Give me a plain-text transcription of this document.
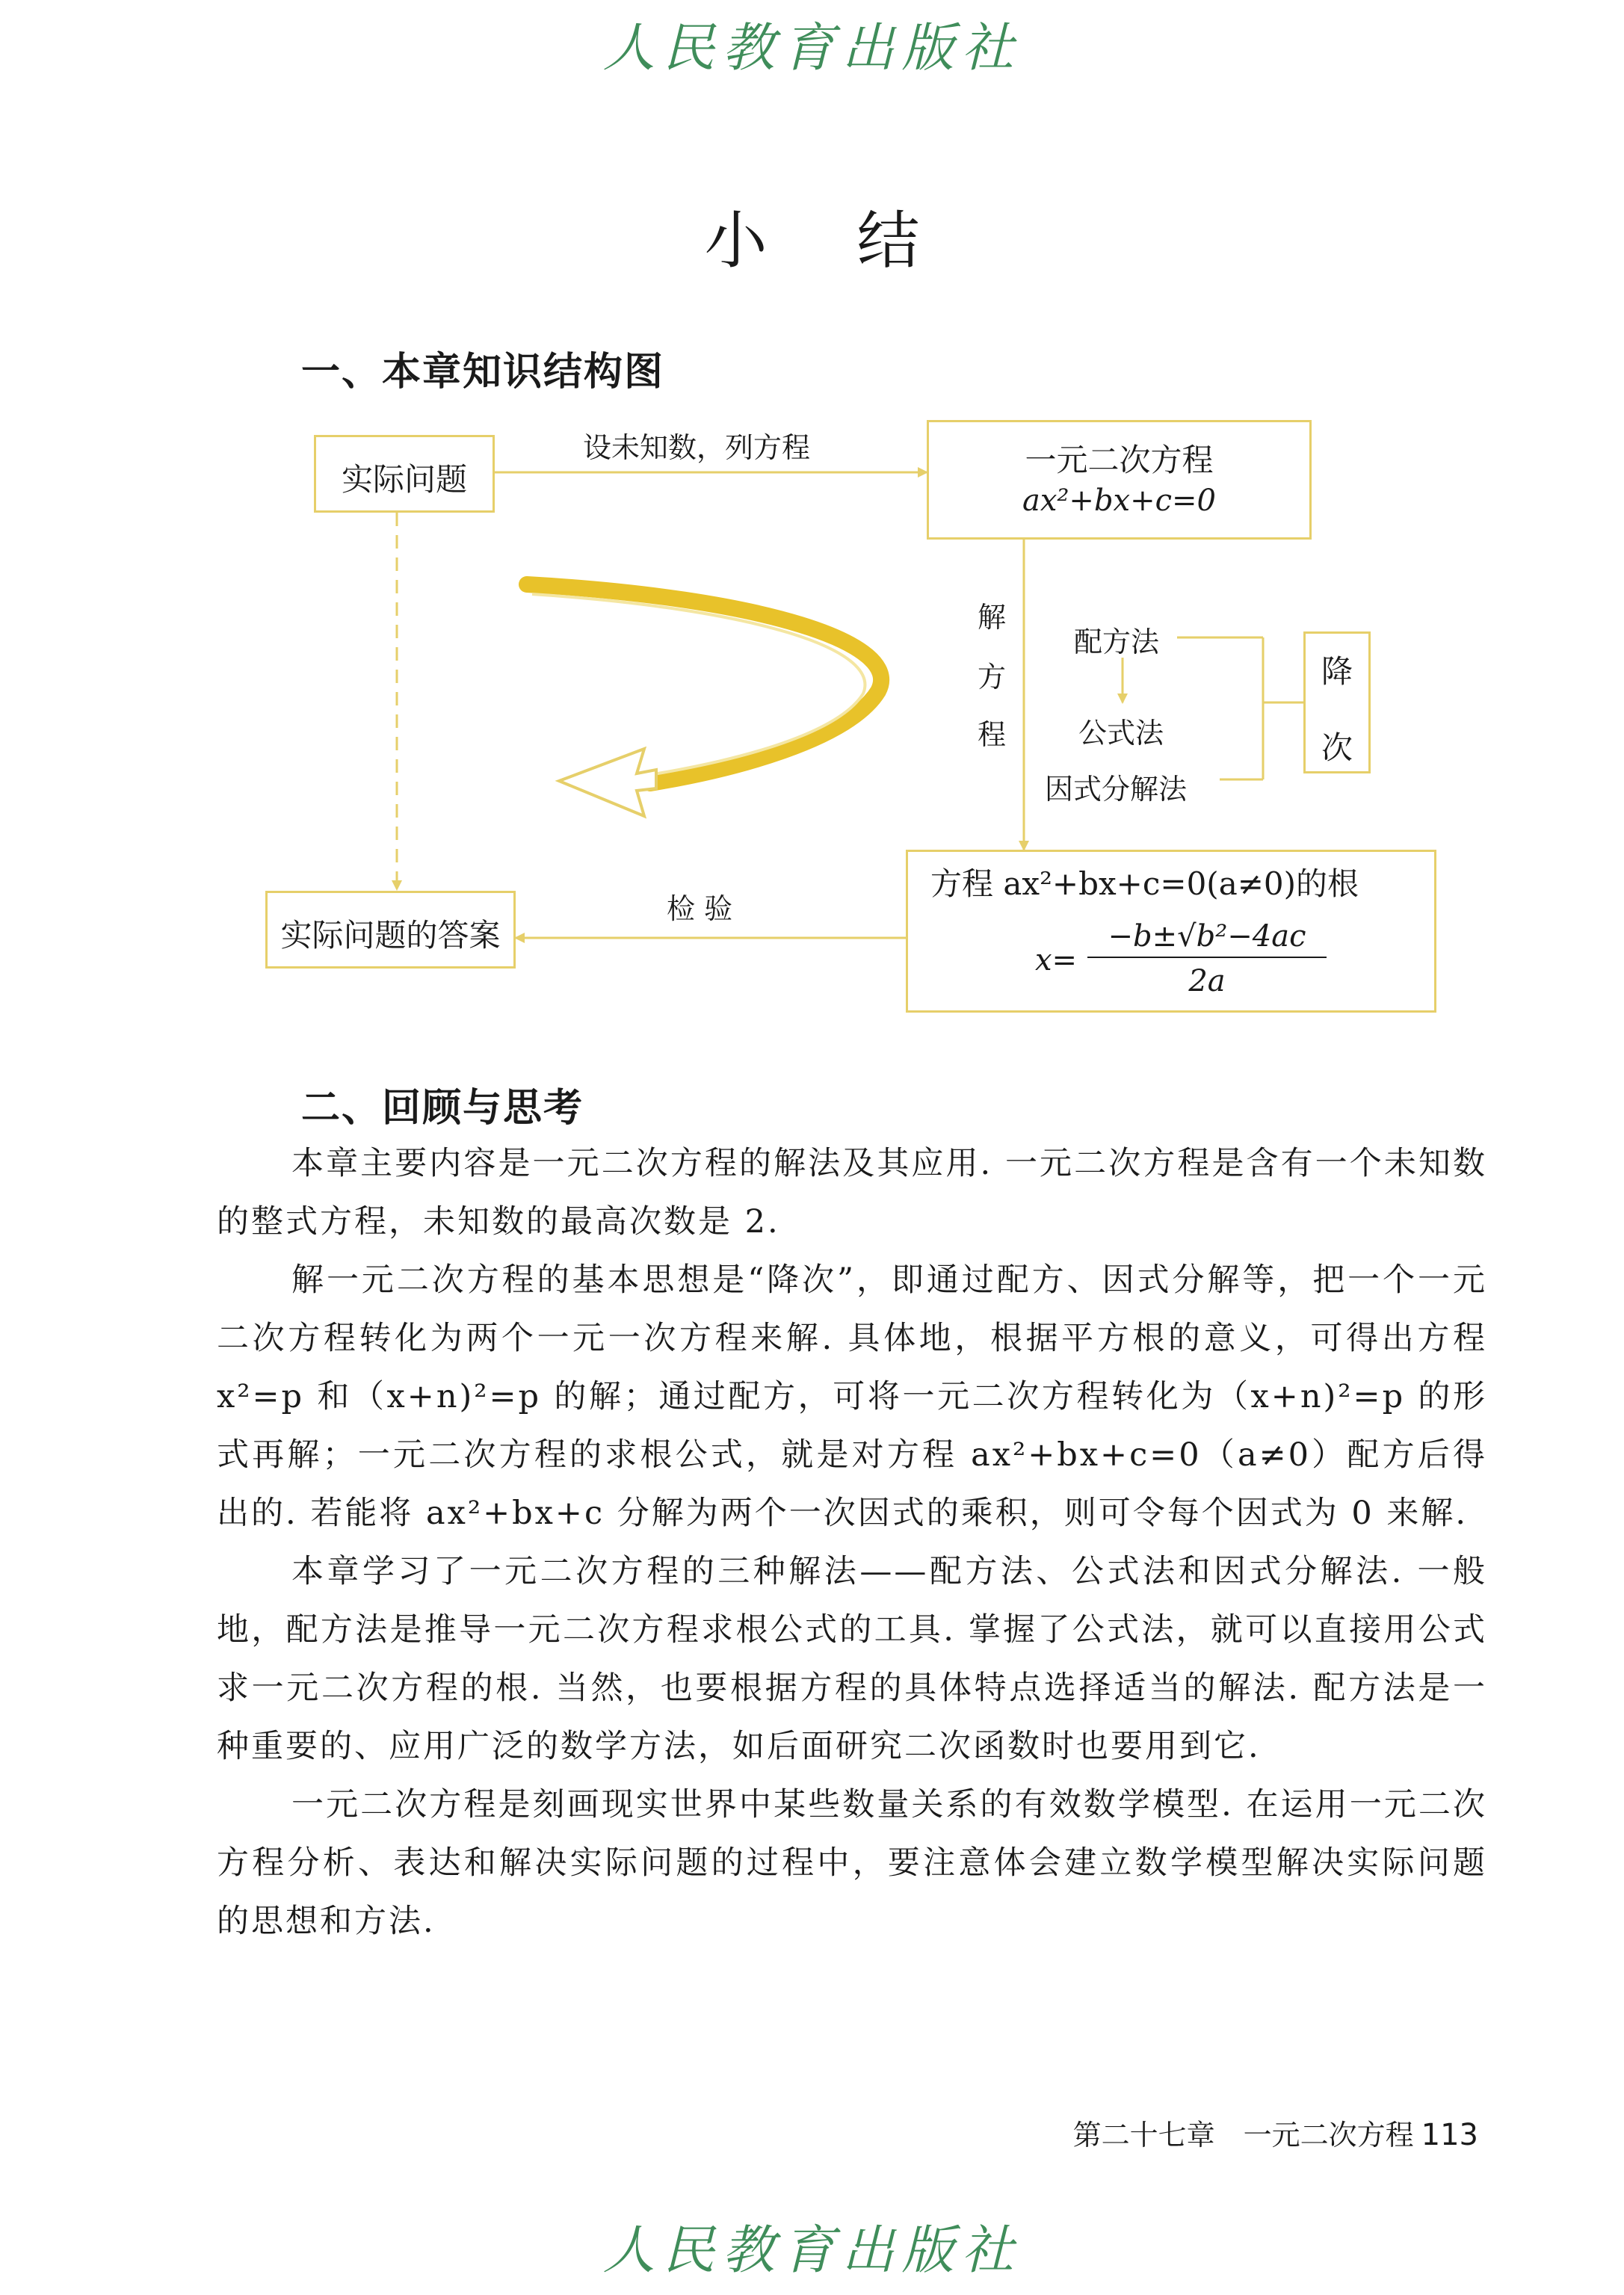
人民教育出版社
小结
一、本章知识结构图
实际问题
设未知数，列方程	一元二次方程
ax²+bx+c=0
解
方
程
配方法
公式法
因式分解法
降
次
方程 ax²+bx+c=0(a≠0)的根
x=
−b±√b²−4ac
2a
检 验
实际问题的答案
二、回顾与思考

本章主要内容是一元二次方程的解法及其应用. 一元二次方程是含有一个未知数的整式方程，未知数的最高次数是 2.

解一元二次方程的基本思想是“降次”，即通过配方、因式分解等，把一个一元二次方程转化为两个一元一次方程来解. 具体地，根据平方根的意义，可得出方程 x²=p 和（x+n)²=p 的解；通过配方，可将一元二次方程转化为（x+n)²=p 的形式再解；一元二次方程的求根公式，就是对方程 ax²+bx+c=0（a≠0）配方后得出的. 若能将 ax²+bx+c 分解为两个一次因式的乘积，则可令每个因式为 0 来解.

本章学习了一元二次方程的三种解法——配方法、公式法和因式分解法. 一般地，配方法是推导一元二次方程求根公式的工具. 掌握了公式法，就可以直接用公式求一元二次方程的根. 当然，也要根据方程的具体特点选择适当的解法. 配方法是一种重要的、应用广泛的数学方法，如后面研究二次函数时也要用到它.

一元二次方程是刻画现实世界中某些数量关系的有效数学模型. 在运用一元二次方程分析、表达和解决实际问题的过程中，要注意体会建立数学模型解决实际问题的思想和方法.

第二十七章　一元二次方程 113
人民教育出版社
